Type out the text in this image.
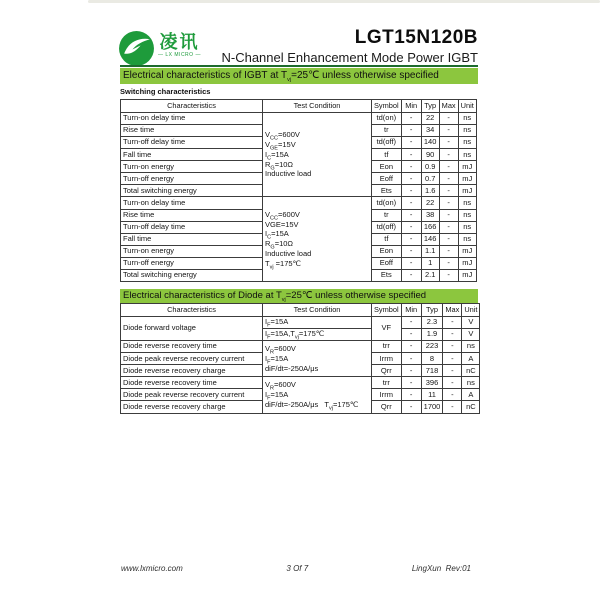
凌讯
— LX MICRO —
LGT15N120B
N-Channel Enhancement Mode Power IGBT
Electrical characteristics of IGBT at $T_{vj}=25℃$ unless otherwise specified
Switching characteristics
Characteristics	Test Condition	Symbol	Min	Typ	Max	Unit
Turn-on delay time	$V_{CC}=600V$
$V_{GE}=15V$
$I_C=15A$
$R_G=10\Omega$
Inductive load	td(on)	-	22	-	ns
Rise time		tr	-	34	-	ns
Turn-off delay time		td(off)	-	140	-	ns
Fall time		tf	-	90	-	ns
Turn-on energy		Eon	-	0.9	-	mJ
Turn-off energy		Eoff	-	0.7	-	mJ
Total switching energy		Ets	-	1.6	-	mJ
Turn-on delay time	$V_{CC}=600V$
VGE=15V
$I_C=15A$
$R_G=10\Omega$
Inductive load
$T_{vj}$ =175℃	td(on)	-	22	-	ns
Rise time		tr	-	38	-	ns
Turn-off delay time		td(off)	-	166	-	ns
Fall time		tf	-	146	-	ns
Turn-on energy		Eon	-	1.1	-	mJ
Turn-off energy		Eoff	-	1	-	mJ
Total switching energy		Ets	-	2.1	-	mJ
Electrical characteristics of Diode at $T_{vj}=25℃$ unless otherwise specified
Characteristics	Test Condition	Symbol	Min	Typ	Max	Unit
Diode forward voltage	$I_F=15A$	VF	-	2.3	-	V
	$I_F=15A,T_{vj}=175℃$		-	1.9	-	V
Diode reverse recovery time	$V_R=600V$
$I_F=15A$
diF/dt=-250A/μs	trr	-	223	-	ns
Diode peak reverse recovery current		Irrm	-	8	-	A
Diode reverse recovery charge		Qrr	-	718	-	nC
Diode reverse recovery time	$V_R=600V$
$I_F=15A$
diF/dt=-250A/μs   $T_{vj}=175℃$	trr	-	396	-	ns
Diode peak reverse recovery current		Irrm	-	11	-	A
Diode reverse recovery charge		Qrr	-	1700	-	nC
www.lxmicro.com	3 Of 7	LingXun  Rev:01
